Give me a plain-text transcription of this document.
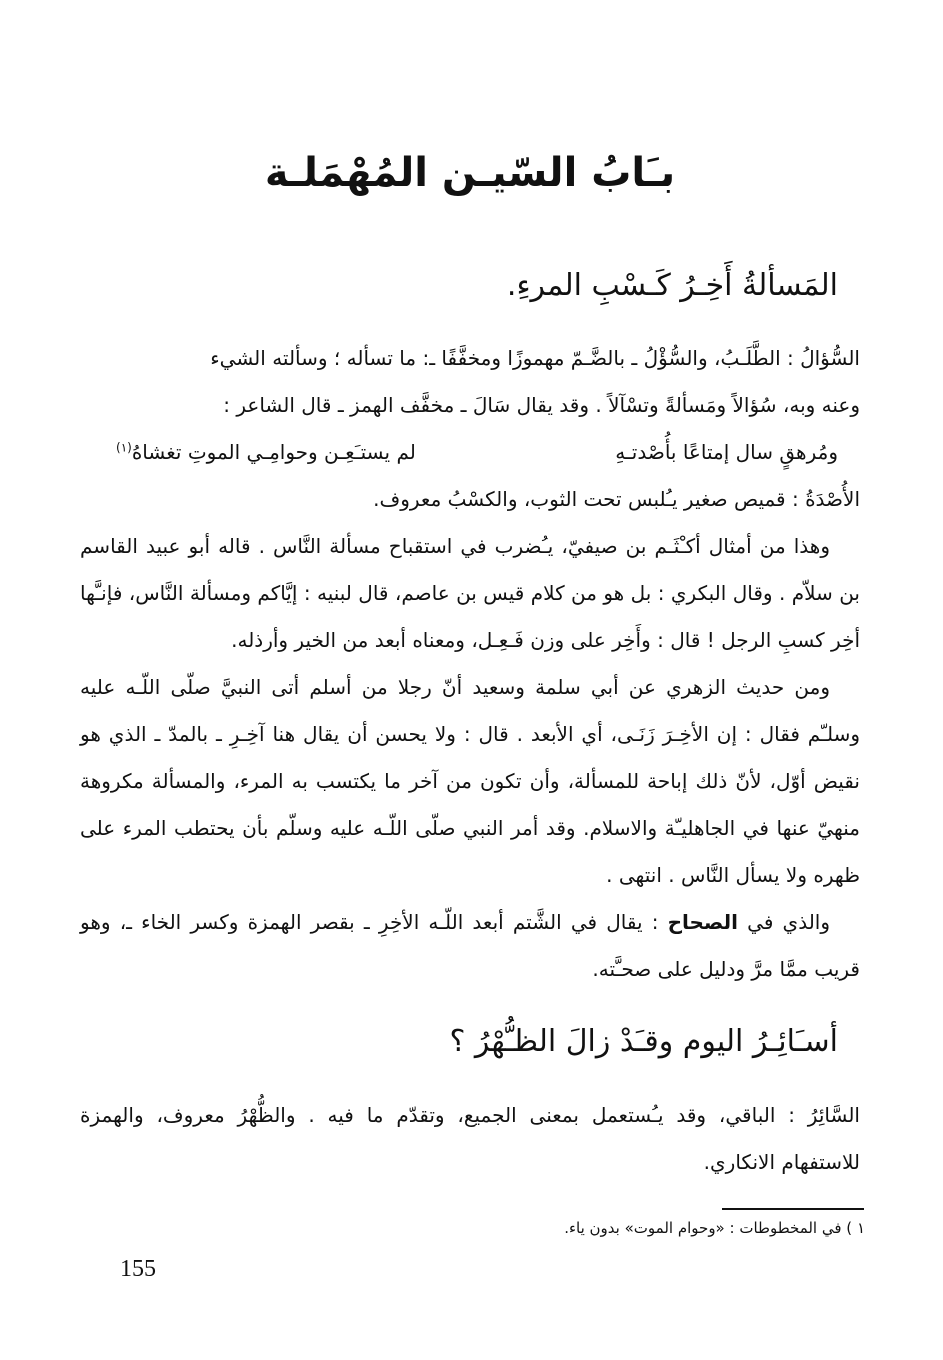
بـَابُ السّيـن المُهْمَلـة
المَسألةُ أَخِـرُ كَـسْبِ المرءِ.

السُّؤالُ : الطَّلَـبُ، والسُّؤْلُ ـ بالضَّـمّ مهموزًا ومخفَّفًا ـ: ما تسأله ؛ وسألته الشيء

وعنه وبه، سُؤالاً ومَسألةً وتسْآلاً . وقد يقال سَالَ ـ مخفَّف الهمز ـ قال الشاعر :

ومُرهقٍ سال إمتاعًا بأُصْدتـهِ
لم يستـَعِـن وحوامِـي الموتِ تغشاهُ$^{(١)}$

الأُصْدَةُ : قميص صغير يـُلبس تحت الثوب، والكسْبُ معروف.

وهذا من أمثال أكـْثَـم بن صيفيّ، يـُضرب في استقباح مسألة النَّاس . قاله أبو عبيد القاسم بن سلاّم . وقال البكري : بل هو من كلام قيس بن عاصم، قال لبنيه : إيَّاكم ومسألة النَّاس، فإنـَّها أخِر كسبِ الرجل ! قال : وأَخِر على وزن فَـعِـل، ومعناه أبعد من الخير وأرذله.

ومن حديث الزهري عن أبي سلمة وسعيد أنّ رجلا من أسلم أتى النبيَّ صلّى اللّـه عليه وسلـّم فقال : إن الأخِـرَ زَنَـى، أي الأبعد . قال : ولا يحسن أن يقال هنا آخِـرِ ـ بالمدّ ـ الذي هو نقيض أوّل، لأنّ ذلك إباحة للمسألة، وأن تكون من آخر ما يكتسب به المرء، والمسألة مكروهة منهيّ عنها في الجاهليـّة والاسلام. وقد أمر النبي صلّى اللّـه عليه وسلّم بأن يحتطب المرء على ظهره ولا يسأل النَّاس . انتهى .

والذي في الصحاح : يقال في الشَّتم أبعد اللّـه الأخِرِ ـ بقصر الهمزة وكسر الخاء ـ، وهو قريب ممَّا مرَّ ودليل على صحـَّته.

أسـَائِـرُ اليوم وقـَدْ زالَ الظـُّهْرُ ؟

السَّائِرُ : الباقي، وقد يـُستعمل بمعنى الجميع، وتقدّم ما فيه . والظُّهْرُ معروف، والهمزة للاستفهام الانكاري.

١ ) في المخطوطات : «وحوام الموت» بدون ياء.
155
